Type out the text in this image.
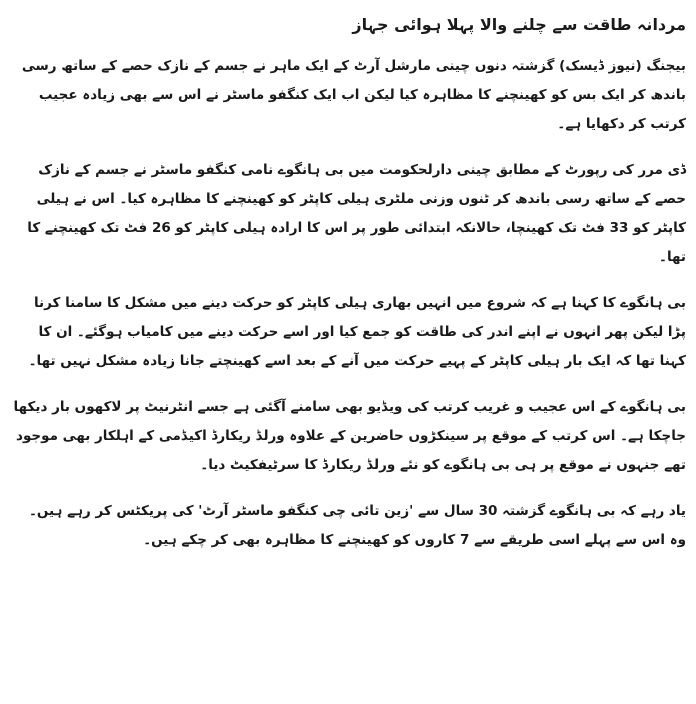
مردانہ طاقت سے چلنے والا پہلا ہوائی جہاز

بیجنگ (نیوز ڈیسک) گزشتہ دنوں چینی مارشل آرٹ کے ایک ماہر نے جسم کے نازک حصے کے ساتھ رسی باندھ کر ایک بس کو کھینچنے کا مظاہرہ کیا لیکن اب ایک کنگفو ماسٹر نے اس سے بھی زیادہ عجیب کرتب کر دکھایا ہے۔

ڈی مرر کی رپورٹ کے مطابق چینی دارلحکومت میں بی ہانگوے نامی کنگفو ماسٹر نے جسم کے نازک حصے کے ساتھ رسی باندھ کر ٹنوں وزنی ملٹری ہیلی کاپٹر کو کھینچنے کا مظاہرہ کیا۔ اس نے ہیلی کاپٹر کو 33 فٹ تک کھینچا، حالانکہ ابتدائی طور پر اس کا ارادہ ہیلی کاپٹر کو 26 فٹ تک کھینچنے کا تھا۔

بی ہانگوے کا کہنا ہے کہ شروع میں انہیں بھاری ہیلی کاپٹر کو حرکت دینے میں مشکل کا سامنا کرنا پڑا لیکن پھر انہوں نے اپنے اندر کی طاقت کو جمع کیا اور اسے حرکت دینے میں کامیاب ہوگئے۔ ان کا کہنا تھا کہ ایک بار ہیلی کاپٹر کے پہیے حرکت میں آنے کے بعد اسے کھینچتے جانا زیادہ مشکل نہیں تھا۔

بی ہانگوے کے اس عجیب و غریب کرتب کی ویڈیو بھی سامنے آگئی ہے جسے انٹرنیٹ پر لاکھوں بار دیکھا جاچکا ہے۔ اس کرتب کے موقع پر سینکڑوں حاضرین کے علاوہ ورلڈ ریکارڈ اکیڈمی کے اہلکار بھی موجود تھے جنہوں نے موقع پر ہی بی ہانگوے کو نئے ورلڈ ریکارڈ کا سرٹیفکیٹ دیا۔

یاد رہے کہ بی ہانگوے گزشتہ 30 سال سے 'زین تائی چی کنگفو ماسٹر آرٹ' کی پریکٹس کر رہے ہیں۔ وہ اس سے پہلے اسی طریقے سے 7 کاروں کو کھینچنے کا مظاہرہ بھی کر چکے ہیں۔
